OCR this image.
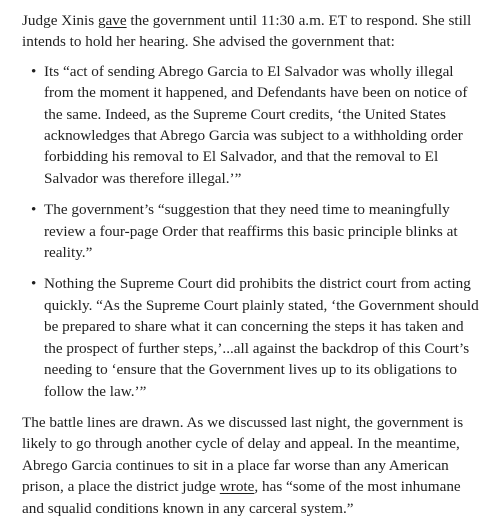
Judge Xinis gave the government until 11:30 a.m. ET to respond. She still intends to hold her hearing. She advised the government that:

• Its “act of sending Abrego Garcia to El Salvador was wholly illegal from the moment it happened, and Defendants have been on notice of the same. Indeed, as the Supreme Court credits, ‘the United States acknowledges that Abrego Garcia was subject to a withholding order forbidding his removal to El Salvador, and that the removal to El Salvador was therefore illegal.’”
• The government’s “suggestion that they need time to meaningfully review a four-page Order that reaffirms this basic principle blinks at reality.”
• Nothing the Supreme Court did prohibits the district court from acting quickly. “As the Supreme Court plainly stated, ‘the Government should be prepared to share what it can concerning the steps it has taken and the prospect of further steps,’...all against the backdrop of this Court’s needing to ‘ensure that the Government lives up to its obligations to follow the law.’”

The battle lines are drawn. As we discussed last night, the government is likely to go through another cycle of delay and appeal. In the meantime, Abrego Garcia continues to sit in a place far worse than any American prison, a place the district judge wrote, has “some of the most inhumane and squalid conditions known in any carceral system.”
